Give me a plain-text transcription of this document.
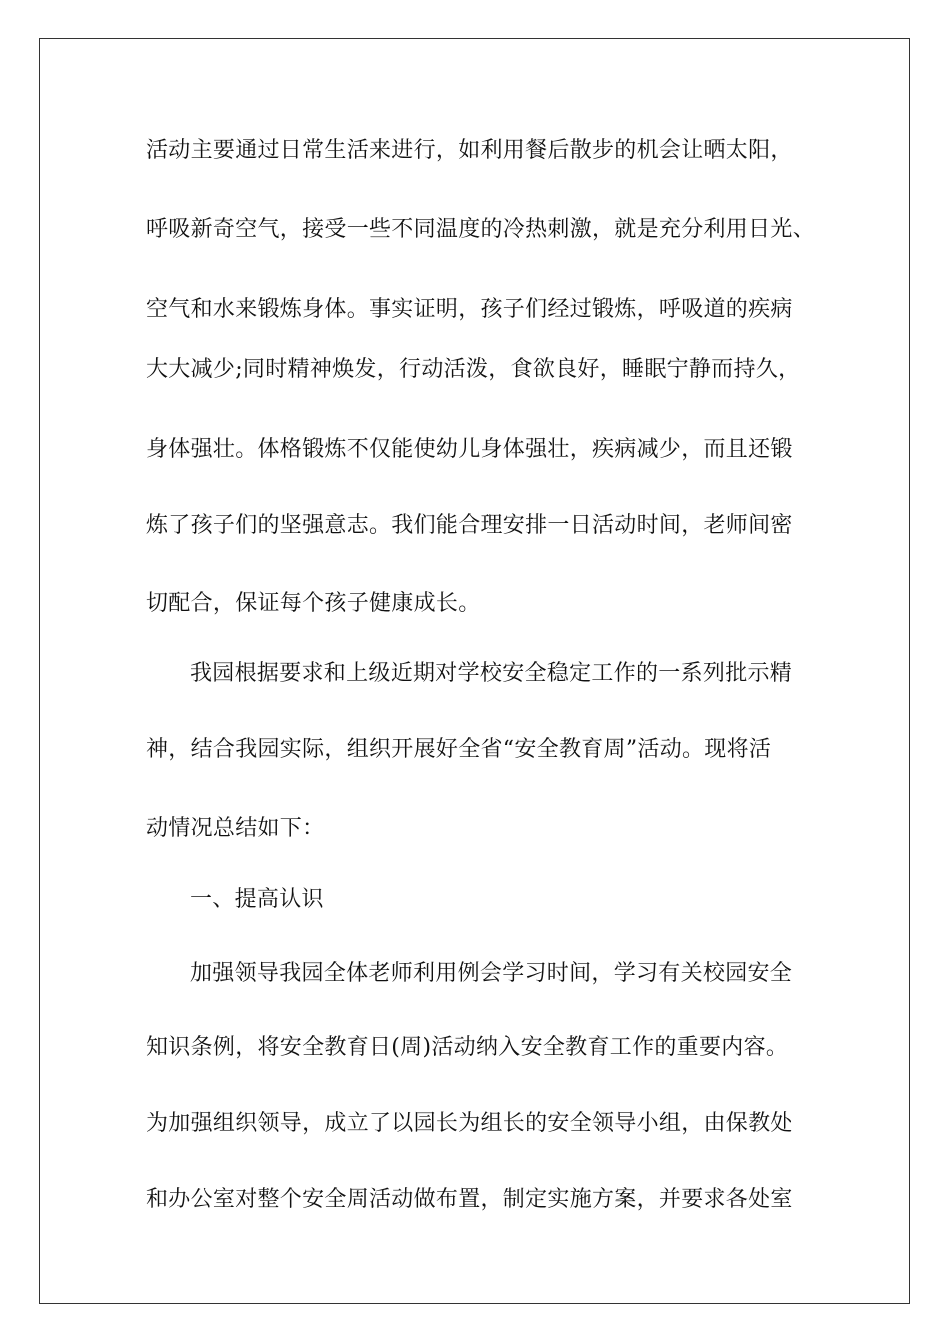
活动主要通过日常生活来进行，如利用餐后散步的机会让晒太阳，
呼吸新奇空气，接受一些不同温度的冷热刺激，就是充分利用日光、
空气和水来锻炼身体。事实证明，孩子们经过锻炼，呼吸道的疾病
大大减少;同时精神焕发，行动活泼，食欲良好，睡眠宁静而持久，
身体强壮。体格锻炼不仅能使幼儿身体强壮，疾病减少，而且还锻
炼了孩子们的坚强意志。我们能合理安排一日活动时间，老师间密
切配合，保证每个孩子健康成长。
我园根据要求和上级近期对学校安全稳定工作的一系列批示精
神，结合我园实际，组织开展好全省“安全教育周”活动。现将活
动情况总结如下：
一、提高认识
加强领导我园全体老师利用例会学习时间，学习有关校园安全
知识条例，将安全教育日(周)活动纳入安全教育工作的重要内容。
为加强组织领导，成立了以园长为组长的安全领导小组，由保教处
和办公室对整个安全周活动做布置，制定实施方案，并要求各处室
